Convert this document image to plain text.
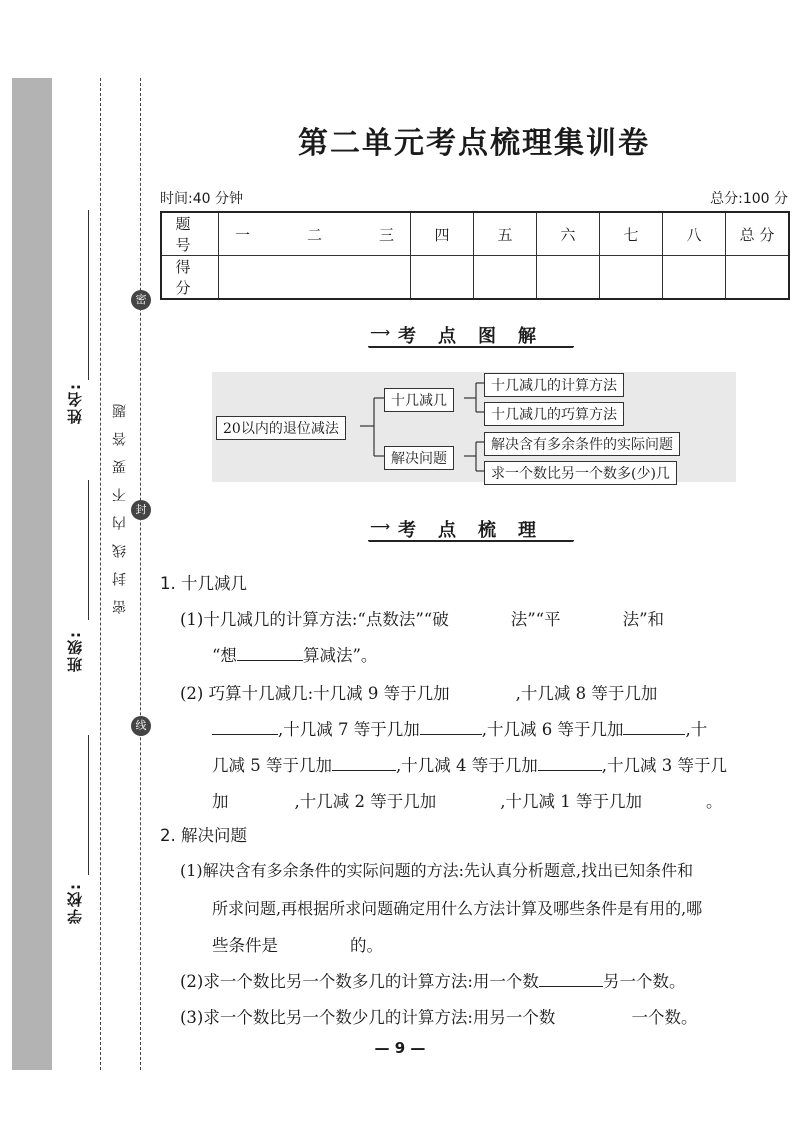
姓名:
班级:
学校:
密封线内不要答题
密
封
线
第二单元考点梳理集训卷
时间:40 分钟	总分:100 分
题号	一 二 三	四	五	六	七	八	总 分
得分							
⟶ 考点图解
20以内的退位减法
十几减几
解决问题
十几减几的计算方法
十几减几的巧算方法
解决含有多余条件的实际问题
求一个数比另一个数多(少)几
⟶ 考点梳理
1. 十几减几
(1)十几减几的计算方法:“点数法”“破	法”“平	法”和
“想	算减法”。
(2) 巧算十几减几:十几减 9 等于几加	,十几减 8 等于几加
,十几减 7 等于几加	,十几减 6 等于几加	,十
几减 5 等于几加	,十几减 4 等于几加	,十几减 3 等于几
加	,十几减 2 等于几加	,十几减 1 等于几加	。
2. 解决问题
(1)解决含有多余条件的实际问题的方法:先认真分析题意,找出已知条件和
所求问题,再根据所求问题确定用什么方法计算及哪些条件是有用的,哪
些条件是	的。
(2)求一个数比另一个数多几的计算方法:用一个数	另一个数。
(3)求一个数比另一个数少几的计算方法:用另一个数	一个数。
— 9 —
